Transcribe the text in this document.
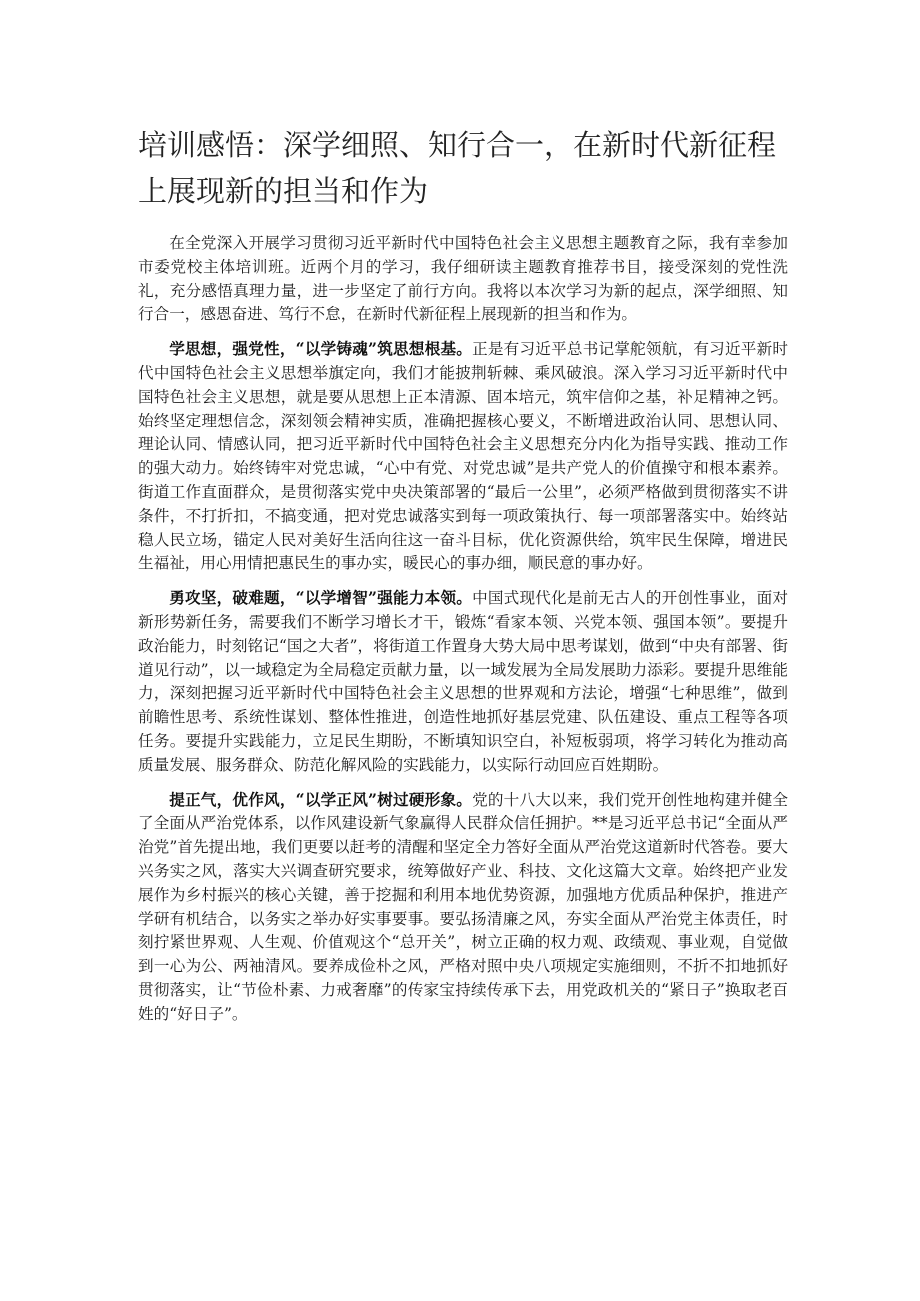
培训感悟：深学细照、知行合一，在新时代新征程上展现新的担当和作为

在全党深入开展学习贯彻习近平新时代中国特色社会主义思想主题教育之际，我有幸参加市委党校主体培训班。近两个月的学习，我仔细研读主题教育推荐书目，接受深刻的党性洗礼，充分感悟真理力量，进一步坚定了前行方向。我将以本次学习为新的起点，深学细照、知行合一，感恩奋进、笃行不怠，在新时代新征程上展现新的担当和作为。

学思想，强党性，“以学铸魂”筑思想根基。正是有习近平总书记掌舵领航，有习近平新时代中国特色社会主义思想举旗定向，我们才能披荆斩棘、乘风破浪。深入学习习近平新时代中国特色社会主义思想，就是要从思想上正本清源、固本培元，筑牢信仰之基，补足精神之钙。始终坚定理想信念，深刻领会精神实质，准确把握核心要义，不断增进政治认同、思想认同、理论认同、情感认同，把习近平新时代中国特色社会主义思想充分内化为指导实践、推动工作的强大动力。始终铸牢对党忠诚，“心中有党、对党忠诚”是共产党人的价值操守和根本素养。街道工作直面群众，是贯彻落实党中央决策部署的“最后一公里”，必须严格做到贯彻落实不讲条件，不打折扣，不搞变通，把对党忠诚落实到每一项政策执行、每一项部署落实中。始终站稳人民立场，锚定人民对美好生活向往这一奋斗目标，优化资源供给，筑牢民生保障，增进民生福祉，用心用情把惠民生的事办实，暖民心的事办细，顺民意的事办好。

勇攻坚，破难题，“以学增智”强能力本领。中国式现代化是前无古人的开创性事业，面对新形势新任务，需要我们不断学习增长才干，锻炼“看家本领、兴党本领、强国本领”。要提升政治能力，时刻铭记“国之大者”，将街道工作置身大势大局中思考谋划，做到“中央有部署、街道见行动”，以一域稳定为全局稳定贡献力量，以一域发展为全局发展助力添彩。要提升思维能力，深刻把握习近平新时代中国特色社会主义思想的世界观和方法论，增强“七种思维”，做到前瞻性思考、系统性谋划、整体性推进，创造性地抓好基层党建、队伍建设、重点工程等各项任务。要提升实践能力，立足民生期盼，不断填知识空白，补短板弱项，将学习转化为推动高质量发展、服务群众、防范化解风险的实践能力，以实际行动回应百姓期盼。

提正气，优作风，“以学正风”树过硬形象。党的十八大以来，我们党开创性地构建并健全了全面从严治党体系，以作风建设新气象赢得人民群众信任拥护。**是习近平总书记“全面从严治党”首先提出地，我们更要以赶考的清醒和坚定全力答好全面从严治党这道新时代答卷。要大兴务实之风，落实大兴调查研究要求，统筹做好产业、科技、文化这篇大文章。始终把产业发展作为乡村振兴的核心关键，善于挖掘和利用本地优势资源，加强地方优质品种保护，推进产学研有机结合，以务实之举办好实事要事。要弘扬清廉之风，夯实全面从严治党主体责任，时刻拧紧世界观、人生观、价值观这个“总开关”，树立正确的权力观、政绩观、事业观，自觉做到一心为公、两袖清风。要养成俭朴之风，严格对照中央八项规定实施细则，不折不扣地抓好贯彻落实，让“节俭朴素、力戒奢靡”的传家宝持续传承下去，用党政机关的“紧日子”换取老百姓的“好日子”。
